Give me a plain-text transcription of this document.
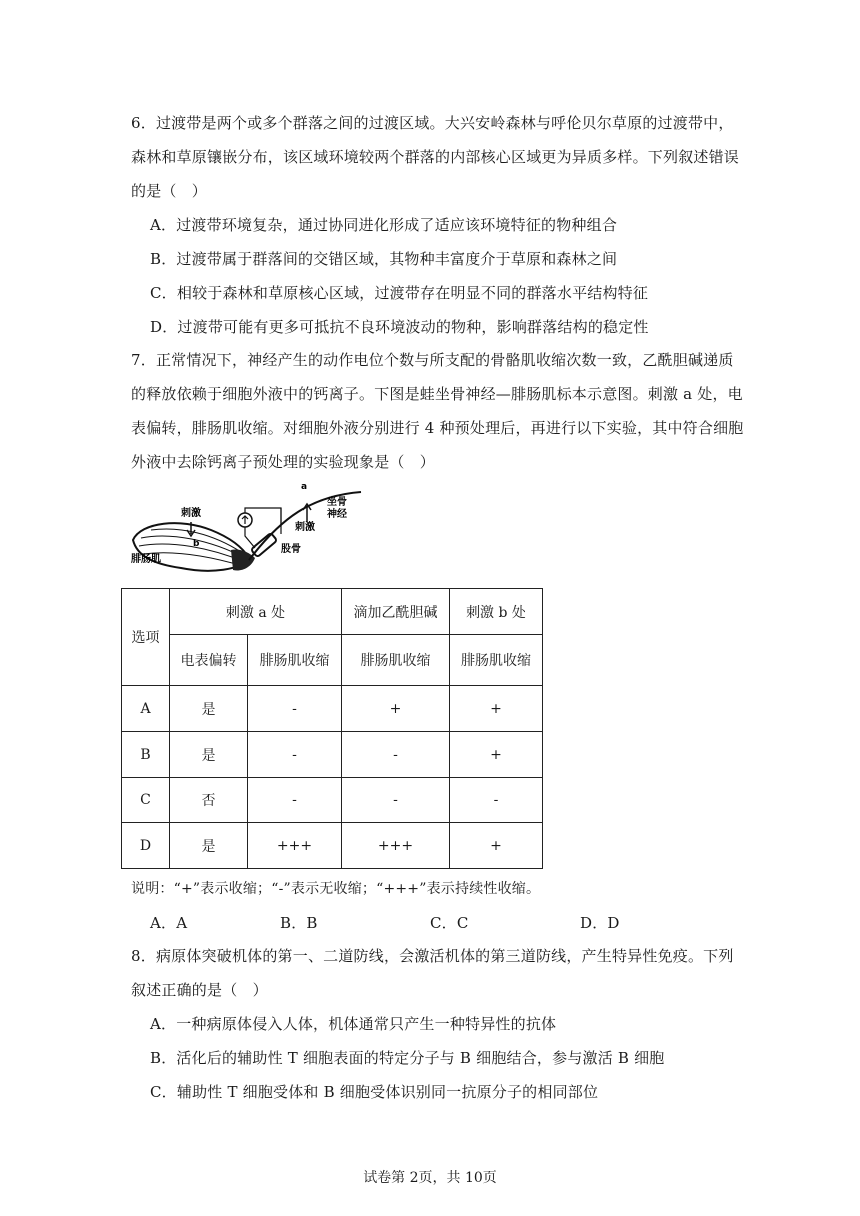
6．过渡带是两个或多个群落之间的过渡区域。大兴安岭森林与呼伦贝尔草原的过渡带中，
森林和草原镶嵌分布，该区域环境较两个群落的内部核心区域更为异质多样。下列叙述错误
的是（　）
A．过渡带环境复杂，通过协同进化形成了适应该环境特征的物种组合
B．过渡带属于群落间的交错区域，其物种丰富度介于草原和森林之间
C．相较于森林和草原核心区域，过渡带存在明显不同的群落水平结构特征
D．过渡带可能有更多可抵抗不良环境波动的物种，影响群落结构的稳定性
7．正常情况下，神经产生的动作电位个数与所支配的骨骼肌收缩次数一致，乙酰胆碱递质
的释放依赖于细胞外液中的钙离子。下图是蛙坐骨神经—腓肠肌标本示意图。刺激 a 处，电
表偏转，腓肠肌收缩。对细胞外液分别进行 4 种预处理后，再进行以下实验，其中符合细胞
外液中去除钙离子预处理的实验现象是（　）
a
坐骨
神经
刺激
刺激
b	股骨
腓肠肌
选项	刺激 a 处		滴加乙酰胆碱	刺激 b 处
	电表偏转	腓肠肌收缩	腓肠肌收缩	腓肠肌收缩
A	是	-	+	+
B	是	-	-	+
C	否	-	-	-
D	是	+++	+++	+
说明：“+”表示收缩；“-”表示无收缩；“+++”表示持续性收缩。
A．A	B．B	C．C	D．D
8．病原体突破机体的第一、二道防线，会激活机体的第三道防线，产生特异性免疫。下列
叙述正确的是（　）
A．一种病原体侵入人体，机体通常只产生一种特异性的抗体
B．活化后的辅助性 T 细胞表面的特定分子与 B 细胞结合，参与激活 B 细胞
C．辅助性 T 细胞受体和 B 细胞受体识别同一抗原分子的相同部位
试卷第 2页，共 10页
